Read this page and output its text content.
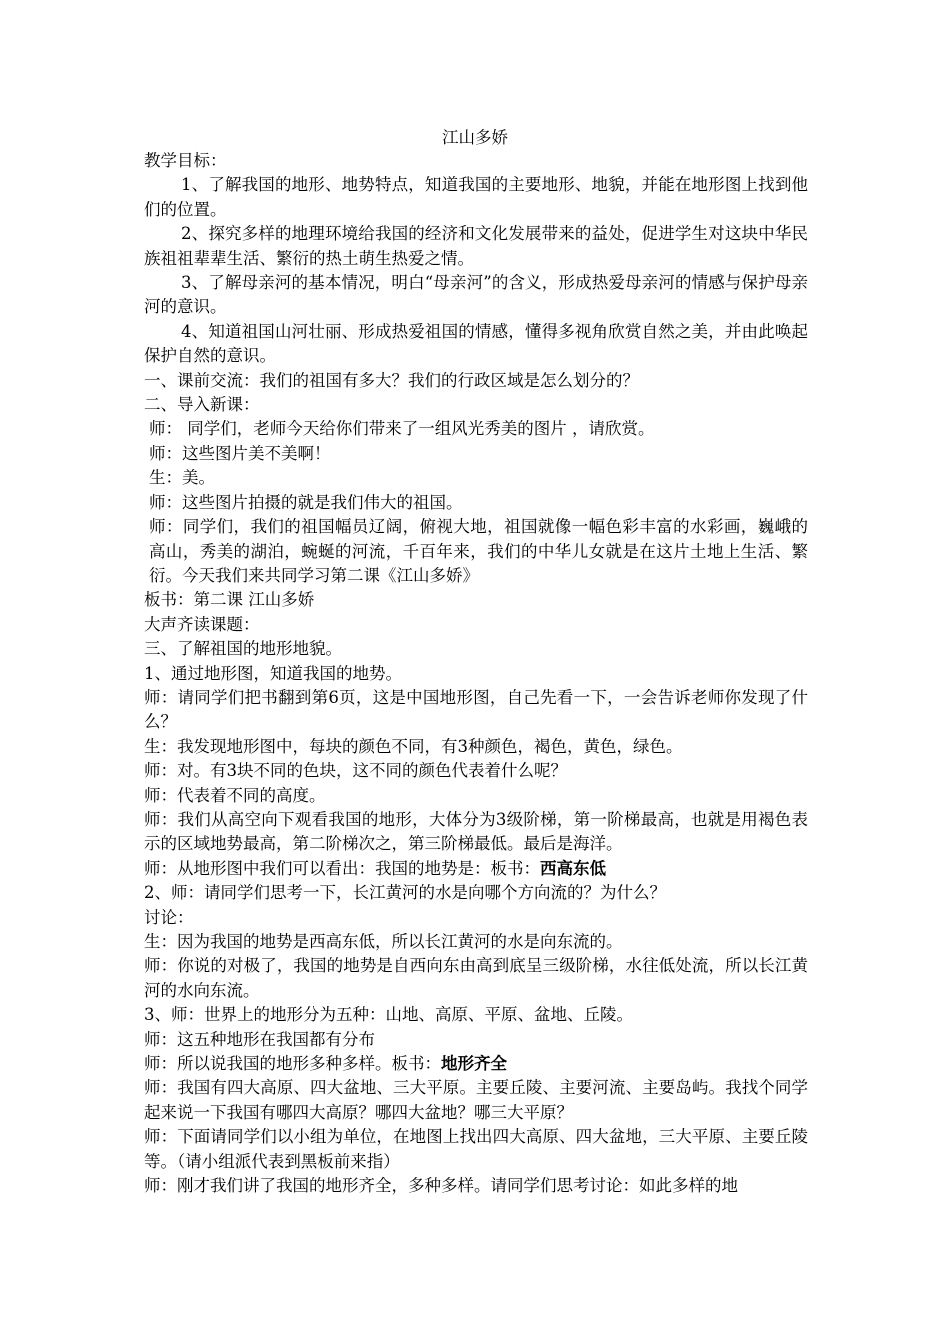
江山多娇

教学目标：

1、了解我国的地形、地势特点，知道我国的主要地形、地貌，并能在地形图上找到他们的位置。

2、探究多样的地理环境给我国的经济和文化发展带来的益处，促进学生对这块中华民族祖祖辈辈生活、繁衍的热土萌生热爱之情。

3、了解母亲河的基本情况，明白“母亲河”的含义，形成热爱母亲河的情感与保护母亲河的意识。

4、知道祖国山河壮丽、形成热爱祖国的情感，懂得多视角欣赏自然之美，并由此唤起保护自然的意识。

一、课前交流：我们的祖国有多大？我们的行政区域是怎么划分的？

二、导入新课：

师： 同学们，老师今天给你们带来了一组风光秀美的图片 ，请欣赏。

师：这些图片美不美啊！

生：美。

师：这些图片拍摄的就是我们伟大的祖国。

师：同学们，我们的祖国幅员辽阔，俯视大地，祖国就像一幅色彩丰富的水彩画，巍峨的高山，秀美的湖泊，蜿蜒的河流，千百年来，我们的中华儿女就是在这片土地上生活、繁衍。今天我们来共同学习第二课《江山多娇》

板书：第二课 江山多娇

大声齐读课题：

三、了解祖国的地形地貌。

1、通过地形图，知道我国的地势。

师：请同学们把书翻到第6页，这是中国地形图，自己先看一下，一会告诉老师你发现了什么？

生：我发现地形图中，每块的颜色不同，有3种颜色，褐色，黄色，绿色。

师：对。有3块不同的色块，这不同的颜色代表着什么呢？

师：代表着不同的高度。

师：我们从高空向下观看我国的地形，大体分为3级阶梯，第一阶梯最高，也就是用褐色表示的区域地势最高，第二阶梯次之，第三阶梯最低。最后是海洋。

师：从地形图中我们可以看出：我国的地势是：板书：西高东低

2、师：请同学们思考一下，长江黄河的水是向哪个方向流的？为什么？

讨论：

生：因为我国的地势是西高东低，所以长江黄河的水是向东流的。

师：你说的对极了，我国的地势是自西向东由高到底呈三级阶梯，水往低处流，所以长江黄河的水向东流。

3、师：世界上的地形分为五种：山地、高原、平原、盆地、丘陵。

师：这五种地形在我国都有分布

师：所以说我国的地形多种多样。板书：地形齐全

师：我国有四大高原、四大盆地、三大平原。主要丘陵、主要河流、主要岛屿。我找个同学起来说一下我国有哪四大高原？哪四大盆地？哪三大平原？

师：下面请同学们以小组为单位，在地图上找出四大高原、四大盆地，三大平原、主要丘陵等。（请小组派代表到黑板前来指）

师：刚才我们讲了我国的地形齐全，多种多样。请同学们思考讨论：如此多样的地
